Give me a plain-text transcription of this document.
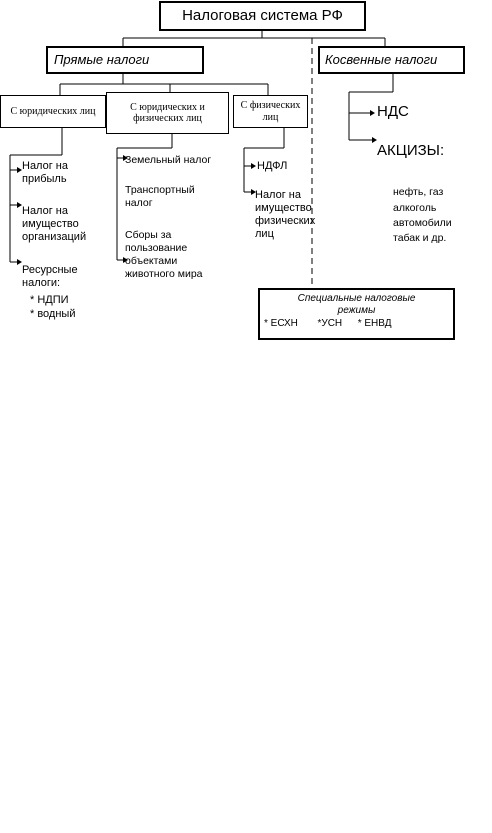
Налоговая система РФ
Прямые налоги	Косвенные налоги
С юридических лиц	С юридических и физических лиц
С физических лиц
Налог на прибыль
Налог на имущество организаций
Ресурсные налоги:
* НДПИ
* водный
Земельный налог
Транспортный налог
Сборы за пользование объектами животного мира
НДФЛ
Налог на имущество физических лиц
НДС
АКЦИЗЫ:
нефть, газ
алкоголь
автомобили
табак и др.
Специальные налоговые режимы
* ЕСХН *УСН * ЕНВД
